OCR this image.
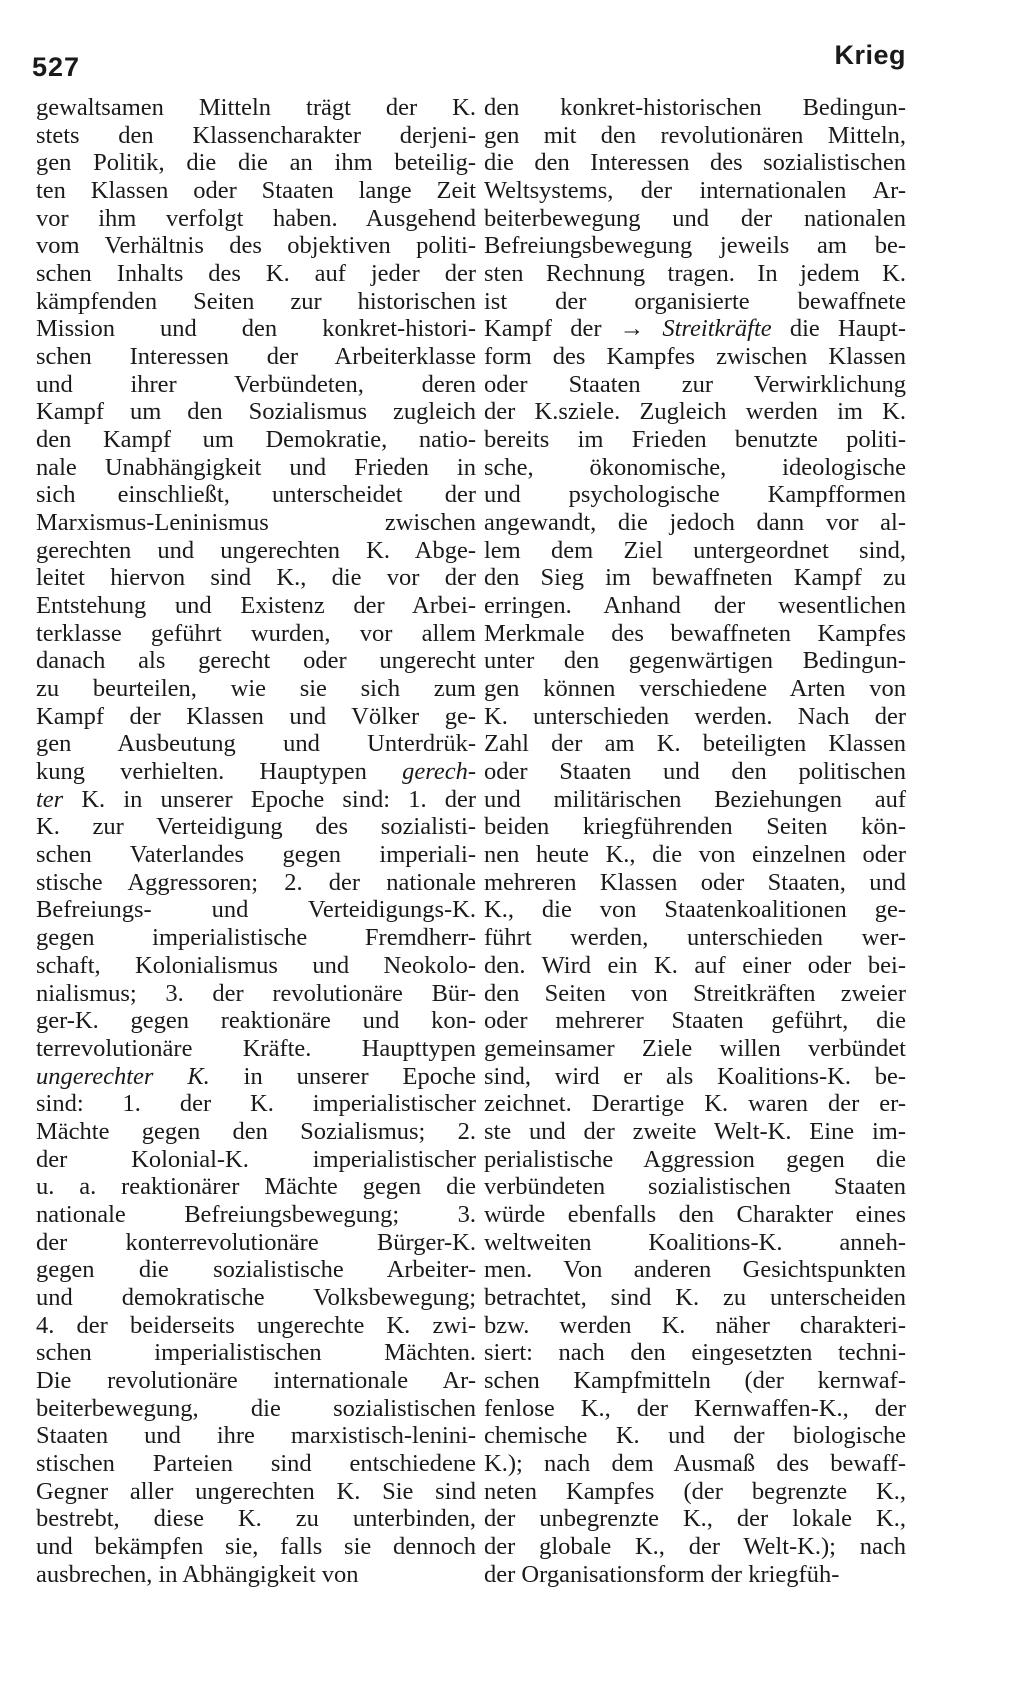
527	Krieg
gewaltsamen Mitteln trägt der K.
stets den Klassencharakter derjeni-
gen Politik, die die an ihm beteilig-
ten Klassen oder Staaten lange Zeit
vor ihm verfolgt haben. Ausgehend
vom Verhältnis des objektiven politi-
schen Inhalts des K. auf jeder der
kämpfenden Seiten zur historischen
Mission und den konkret-histori-
schen Interessen der Arbeiterklasse
und ihrer Verbündeten, deren
Kampf um den Sozialismus zugleich
den Kampf um Demokratie, natio-
nale Unabhängigkeit und Frieden in
sich einschließt, unterscheidet der
Marxismus-Leninismus zwischen
gerechten und ungerechten K. Abge-
leitet hiervon sind K., die vor der
Entstehung und Existenz der Arbei-
terklasse geführt wurden, vor allem
danach als gerecht oder ungerecht
zu beurteilen, wie sie sich zum
Kampf der Klassen und Völker ge-
gen Ausbeutung und Unterdrük-
kung verhielten. Hauptypen gerech-
ter K. in unserer Epoche sind: 1. der
K. zur Verteidigung des sozialisti-
schen Vaterlandes gegen imperiali-
stische Aggressoren; 2. der nationale
Befreiungs- und Verteidigungs-K.
gegen imperialistische Fremdherr-
schaft, Kolonialismus und Neokolo-
nialismus; 3. der revolutionäre Bür-
ger-K. gegen reaktionäre und kon-
terrevolutionäre Kräfte. Haupttypen
ungerechter K. in unserer Epoche
sind: 1. der K. imperialistischer
Mächte gegen den Sozialismus; 2.
der Kolonial-K. imperialistischer
u. a. reaktionärer Mächte gegen die
nationale Befreiungsbewegung; 3.
der konterrevolutionäre Bürger-K.
gegen die sozialistische Arbeiter-
und demokratische Volksbewegung;
4. der beiderseits ungerechte K. zwi-
schen imperialistischen Mächten.
Die revolutionäre internationale Ar-
beiterbewegung, die sozialistischen
Staaten und ihre marxistisch-lenini-
stischen Parteien sind entschiedene
Gegner aller ungerechten K. Sie sind
bestrebt, diese K. zu unterbinden,
und bekämpfen sie, falls sie dennoch
ausbrechen, in Abhängigkeit von
den konkret-historischen Bedingun-
gen mit den revolutionären Mitteln,
die den Interessen des sozialistischen
Weltsystems, der internationalen Ar-
beiterbewegung und der nationalen
Befreiungsbewegung jeweils am be-
sten Rechnung tragen. In jedem K.
ist der organisierte bewaffnete
Kampf der → Streitkräfte die Haupt-
form des Kampfes zwischen Klassen
oder Staaten zur Verwirklichung
der K.sziele. Zugleich werden im K.
bereits im Frieden benutzte politi-
sche, ökonomische, ideologische
und psychologische Kampfformen
angewandt, die jedoch dann vor al-
lem dem Ziel untergeordnet sind,
den Sieg im bewaffneten Kampf zu
erringen. Anhand der wesentlichen
Merkmale des bewaffneten Kampfes
unter den gegenwärtigen Bedingun-
gen können verschiedene Arten von
K. unterschieden werden. Nach der
Zahl der am K. beteiligten Klassen
oder Staaten und den politischen
und militärischen Beziehungen auf
beiden kriegführenden Seiten kön-
nen heute K., die von einzelnen oder
mehreren Klassen oder Staaten, und
K., die von Staatenkoalitionen ge-
führt werden, unterschieden wer-
den. Wird ein K. auf einer oder bei-
den Seiten von Streitkräften zweier
oder mehrerer Staaten geführt, die
gemeinsamer Ziele willen verbündet
sind, wird er als Koalitions-K. be-
zeichnet. Derartige K. waren der er-
ste und der zweite Welt-K. Eine im-
perialistische Aggression gegen die
verbündeten sozialistischen Staaten
würde ebenfalls den Charakter eines
weltweiten Koalitions-K. anneh-
men. Von anderen Gesichtspunkten
betrachtet, sind K. zu unterscheiden
bzw. werden K. näher charakteri-
siert: nach den eingesetzten techni-
schen Kampfmitteln (der kernwaf-
fenlose K., der Kernwaffen-K., der
chemische K. und der biologische
K.); nach dem Ausmaß des bewaff-
neten Kampfes (der begrenzte K.,
der unbegrenzte K., der lokale K.,
der globale K., der Welt-K.); nach
der Organisationsform der kriegfüh-
